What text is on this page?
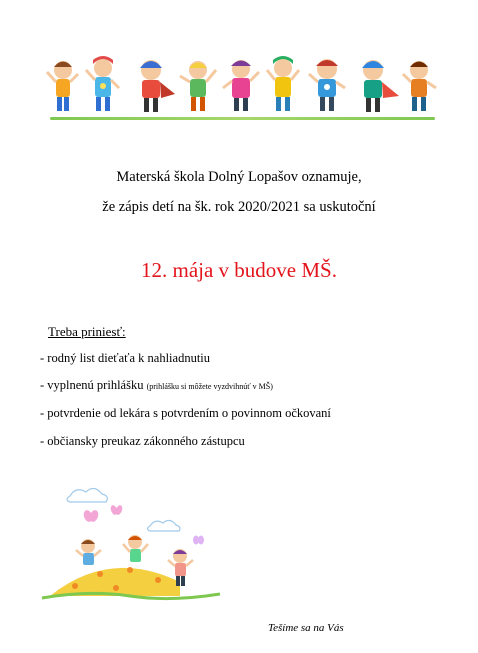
Materská škola Dolný Lopašov oznamuje,
že zápis detí na šk. rok 2020/2021 sa uskutoční
12. mája v budove MŠ.
Treba priniesť:
- rodný list dieťaťa k nahliadnutiu
- vyplnenú prihlášku (prihlášku si môžete vyzdvihnúť v MŠ)
- potvrdenie od lekára s potvrdením o povinnom očkovaní
- občiansky preukaz zákonného zástupcu
Tešíme sa na Vás
